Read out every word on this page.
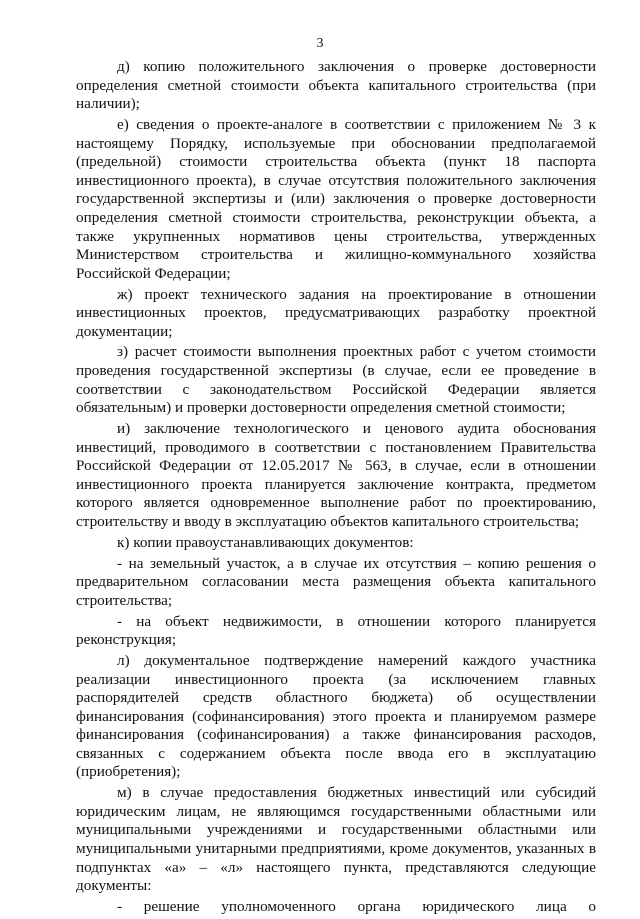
3

д) копию положительного заключения о проверке достоверности определения сметной стоимости объекта капитального строительства (при наличии);

е) сведения о проекте-аналоге в соответствии с приложением № 3 к настоящему Порядку, используемые при обосновании предполагаемой (предельной) стоимости строительства объекта (пункт 18 паспорта инвестиционного проекта), в случае отсутствия положительного заключения государственной экспертизы и (или) заключения о проверке достоверности определения сметной стоимости строительства, реконструкции объекта, а также укрупненных нормативов цены строительства, утвержденных Министерством строительства и жилищно-коммунального хозяйства Российской Федерации;

ж) проект технического задания на проектирование в отношении инвестиционных проектов, предусматривающих разработку проектной документации;

з) расчет стоимости выполнения проектных работ с учетом стоимости проведения государственной экспертизы (в случае, если ее проведение в соответствии с законодательством Российской Федерации является обязательным) и проверки достоверности определения сметной стоимости;

и) заключение технологического и ценового аудита обоснования инвестиций, проводимого в соответствии с постановлением Правительства Российской Федерации от 12.05.2017 № 563, в случае, если в отношении инвестиционного проекта планируется заключение контракта, предметом которого является одновременное выполнение работ по проектированию, строительству и вводу в эксплуатацию объектов капитального строительства;

к) копии правоустанавливающих документов:

- на земельный участок, а в случае их отсутствия – копию решения о предварительном согласовании места размещения объекта капитального строительства;

- на объект недвижимости, в отношении которого планируется реконструкция;

л) документальное подтверждение намерений каждого участника реализации инвестиционного проекта (за исключением главных распорядителей средств областного бюджета) об осуществлении финансирования (софинансирования) этого проекта и планируемом размере финансирования (софинансирования) а также финансирования расходов, связанных с содержанием объекта после ввода его в эксплуатацию (приобретения);

м) в случае предоставления бюджетных инвестиций или субсидий юридическим лицам, не являющимся государственными областными или муниципальными учреждениями и государственными областными или муниципальными унитарными предприятиями, кроме документов, указанных в подпунктах «а» – «л» настоящего пункта, представляются следующие документы:

- решение уполномоченного органа юридического лица о
